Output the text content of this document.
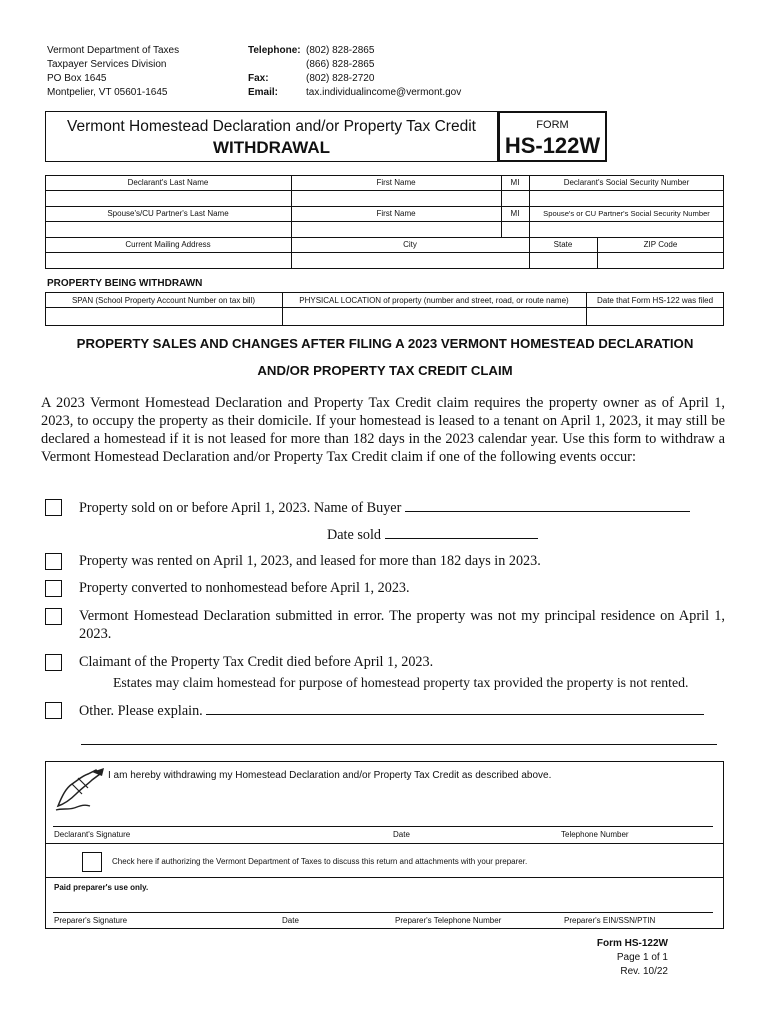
Vermont Department of Taxes
Taxpayer Services Division
PO Box 1645
Montpelier, VT 05601-1645
Telephone: (802) 828-2865
(866) 828-2865
Fax:	(802) 828-2720
Email:	tax.individualincome@vermont.gov
Vermont Homestead Declaration and/or Property Tax Credit
WITHDRAWAL
FORM
HS-122W
Declarant's Last Name	First Name	MI	Declarant's Social Security Number
Spouse's/CU Partner's Last Name	First Name	MI	Spouse's or CU Partner's Social Security Number
Current Mailing Address	City	State	ZIP Code
PROPERTY BEING WITHDRAWN
SPAN (School Property Account Number on tax bill)	PHYSICAL LOCATION of property (number and street, road, or route name)	Date that Form HS-122 was filed
PROPERTY SALES AND CHANGES AFTER FILING A 2023 VERMONT HOMESTEAD DECLARATION
AND/OR PROPERTY TAX CREDIT CLAIM
A 2023 Vermont Homestead Declaration and Property Tax Credit claim requires the property owner as of April 1, 2023, to occupy the property as their domicile. If your homestead is leased to a tenant on April 1, 2023, it may still be declared a homestead if it is not leased for more than 182 days in the 2023 calendar year. Use this form to withdraw a Vermont Homestead Declaration and/or Property Tax Credit claim if one of the following events occur:
Property sold on or before April 1, 2023. Name of Buyer
Date sold
Property was rented on April 1, 2023, and leased for more than 182 days in 2023.
Property converted to nonhomestead before April 1, 2023.
Vermont Homestead Declaration submitted in error. The property was not my principal residence on April 1, 2023.
Claimant of the Property Tax Credit died before April 1, 2023.
Estates may claim homestead for purpose of homestead property tax provided the property is not rented.
Other. Please explain.
I am hereby withdrawing my Homestead Declaration and/or Property Tax Credit as described above.
Declarant's Signature	Date	Telephone Number
Check here if authorizing the Vermont Department of Taxes to discuss this return and attachments with your preparer.
Paid preparer's use only.
Preparer's Signature	Date	Preparer's Telephone Number	Preparer's EIN/SSN/PTIN
Form HS-122W
Page 1 of 1
Rev. 10/22
